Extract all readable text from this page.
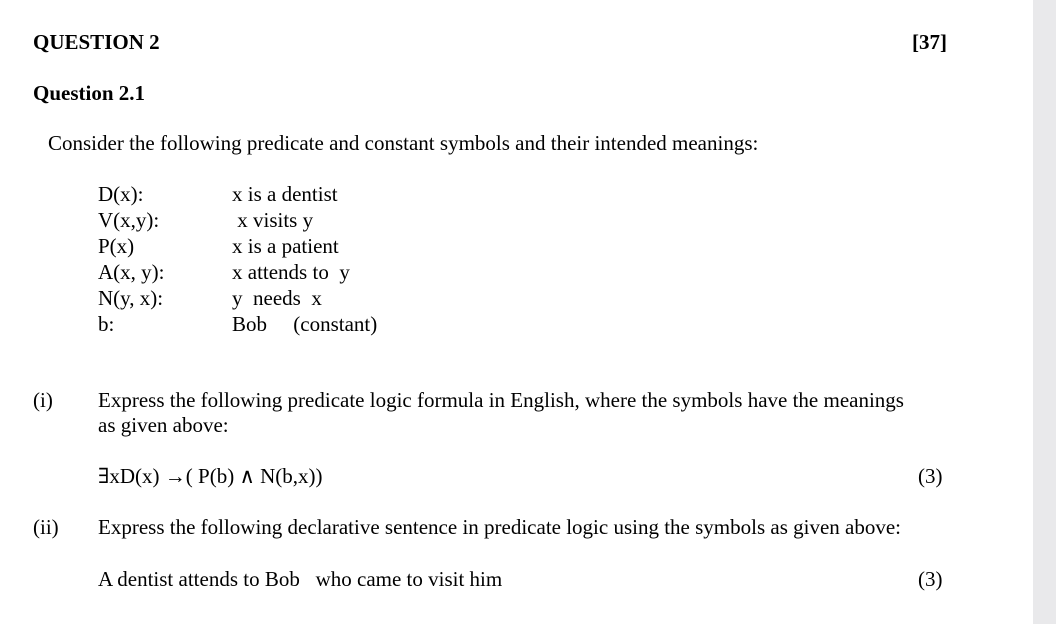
QUESTION 2	[37]
Question 2.1
Consider the following predicate and constant symbols and their intended meanings:
D(x):	x is a dentist
V(x,y):	x visits y
P(x)	x is a patient
A(x, y):	x attends to  y
N(y, x):	y  needs  x
b:	Bob     (constant)
(i) Express the following predicate logic formula in English, where the symbols have the meanings
as given above:
∃xD(x) →( P(b) ∧ N(b,x))	(3)
(ii) Express the following declarative sentence in predicate logic using the symbols as given above:
A dentist attends to Bob   who came to visit him	(3)
